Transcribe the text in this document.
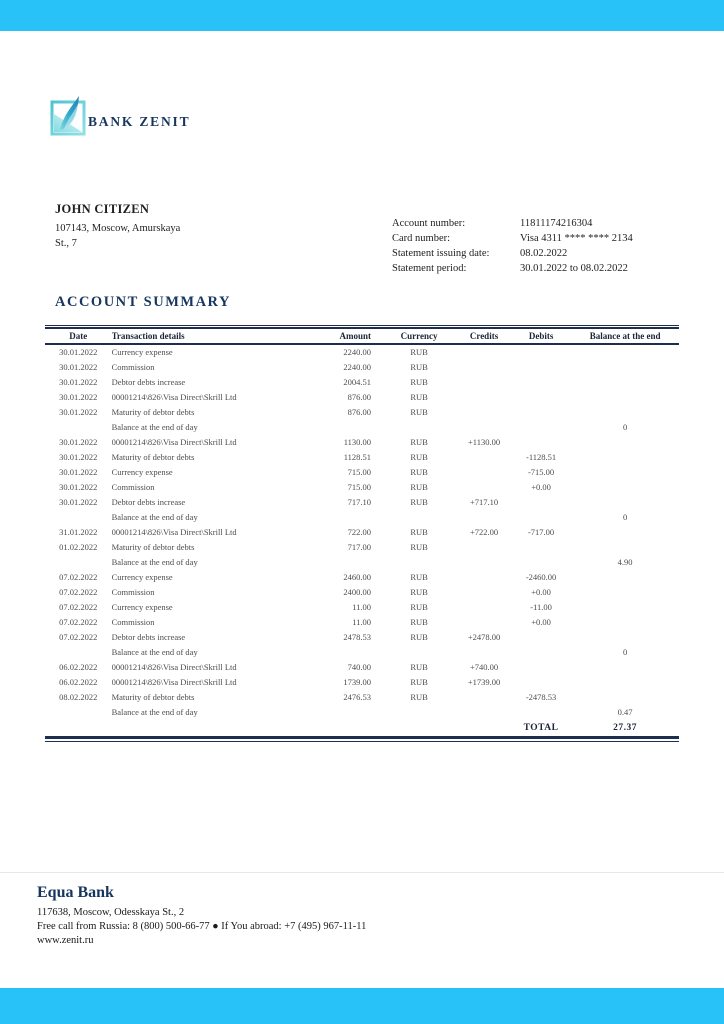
BANK ZENIT
JOHN CITIZEN
107143, Moscow, Amurskaya
St., 7
Account number:	11811174216304
Card number:	Visa 4311 **** **** 2134
Statement issuing date:	08.02.2022
Statement period:	30.01.2022 to 08.02.2022
ACCOUNT SUMMARY
Date	Transaction details	Amount	Currency	Credits	Debits	Balance at the end
30.01.2022	Currency expense	2240.00	RUB			
30.01.2022	Commission	2240.00	RUB			
30.01.2022	Debtor debts increase	2004.51	RUB			
30.01.2022	00001214\826\Visa Direct\Skrill Ltd	876.00	RUB			
30.01.2022	Maturity of debtor debts	876.00	RUB			
	Balance at the end of day					0
30.01.2022	00001214\826\Visa Direct\Skrill Ltd	1130.00	RUB	+1130.00		
30.01.2022	Maturity of debtor debts	1128.51	RUB		-1128.51	
30.01.2022	Currency expense	715.00	RUB		-715.00	
30.01.2022	Commission	715.00	RUB		+0.00	
30.01.2022	Debtor debts increase	717.10	RUB	+717.10		
	Balance at the end of day					0
31.01.2022	00001214\826\Visa Direct\Skrill Ltd	722.00	RUB	+722.00	-717.00	
01.02.2022	Maturity of debtor debts	717.00	RUB			
	Balance at the end of day					4.90
07.02.2022	Currency expense	2460.00	RUB		-2460.00	
07.02.2022	Commission	2400.00	RUB		+0.00	
07.02.2022	Currency expense	11.00	RUB		-11.00	
07.02.2022	Commission	11.00	RUB		+0.00	
07.02.2022	Debtor debts increase	2478.53	RUB	+2478.00		
	Balance at the end of day					0
06.02.2022	00001214\826\Visa Direct\Skrill Ltd	740.00	RUB	+740.00		
06.02.2022	00001214\826\Visa Direct\Skrill Ltd	1739.00	RUB	+1739.00		
08.02.2022	Maturity of debtor debts	2476.53	RUB		-2478.53	
	Balance at the end of day					0.47
					TOTAL	27.37
Equa Bank
117638, Moscow, Odesskaya St., 2
Free call from Russia: 8 (800) 500-66-77 ● If You abroad: +7 (495) 967-11-11
www.zenit.ru
